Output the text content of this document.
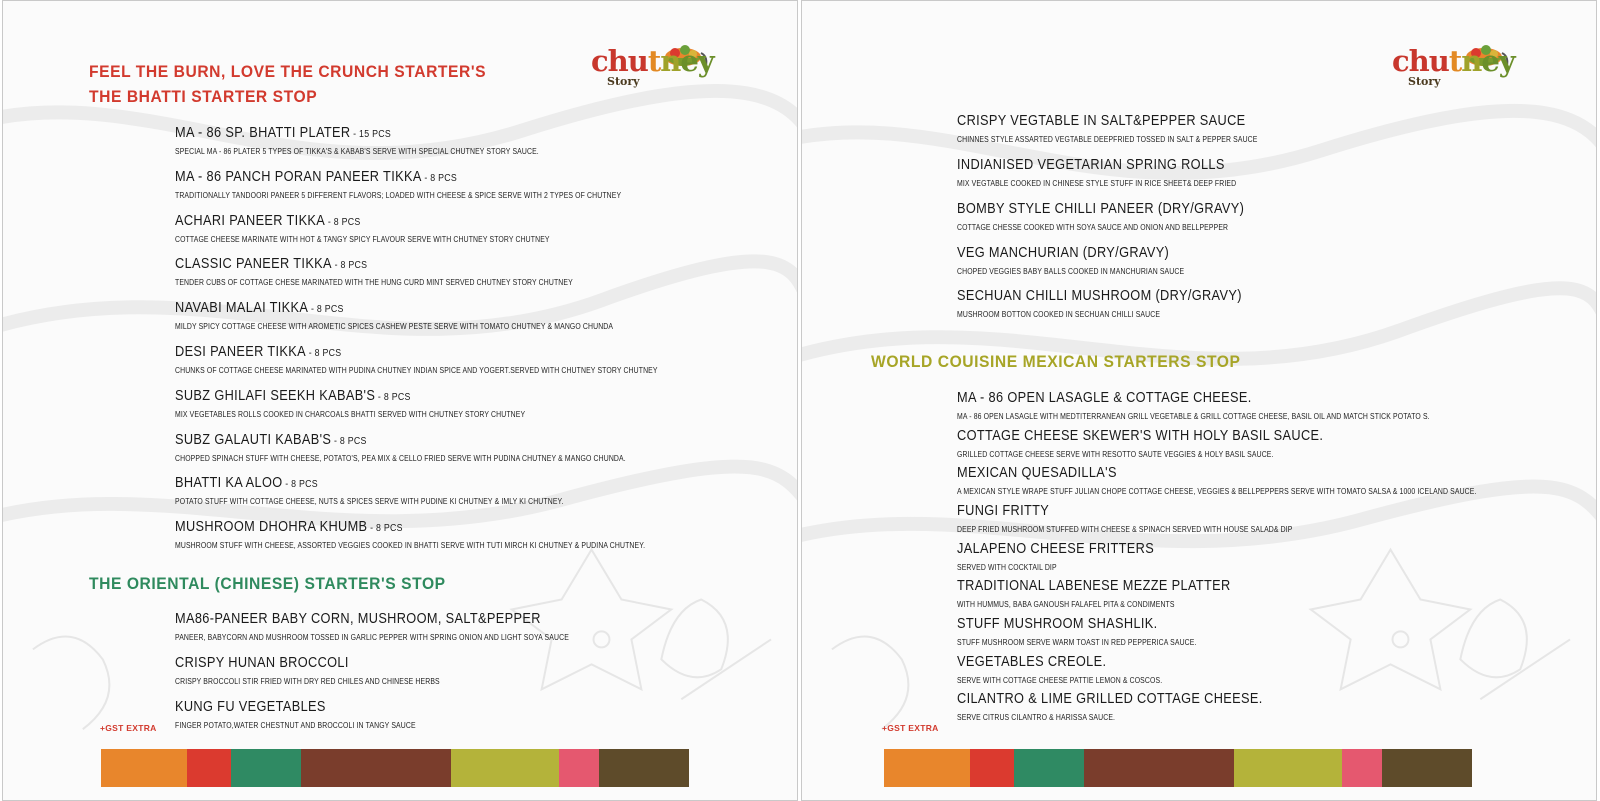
chutney
Story
FEEL THE BURN, LOVE THE CRUNCH STARTER'S
THE BHATTI STARTER STOP
MA - 86 SP. BHATTI PLATER - 15 PCS
SPECIAL MA - 86 PLATER 5 TYPES OF TIKKA'S & KABAB'S SERVE WITH SPECIAL CHUTNEY STORY SAUCE.
MA - 86 PANCH PORAN PANEER TIKKA - 8 PCS
TRADITIONALLY TANDOORI PANEER 5 DIFFERENT FLAVORS; LOADED WITH CHEESE & SPICE SERVE WITH 2 TYPES OF CHUTNEY
ACHARI PANEER TIKKA - 8 PCS
COTTAGE CHEESE MARINATE WITH HOT & TANGY SPICY FLAVOUR SERVE WITH CHUTNEY STORY CHUTNEY
CLASSIC PANEER TIKKA - 8 PCS
TENDER CUBS OF COTTAGE CHESE MARINATED WITH THE HUNG CURD MINT SERVED CHUTNEY STORY CHUTNEY
NAVABI MALAI TIKKA - 8 PCS
MILDY SPICY COTTAGE CHEESE WITH AROMETIC SPICES CASHEW PESTE SERVE WITH TOMATO CHUTNEY & MANGO CHUNDA
DESI PANEER TIKKA - 8 PCS
CHUNKS OF COTTAGE CHEESE MARINATED WITH PUDINA CHUTNEY INDIAN SPICE AND YOGERT.SERVED WITH CHUTNEY STORY CHUTNEY
SUBZ GHILAFI SEEKH KABAB'S - 8 PCS
MIX VEGETABLES ROLLS COOKED IN CHARCOALS BHATTI SERVED WITH CHUTNEY STORY CHUTNEY
SUBZ GALAUTI KABAB'S - 8 PCS
CHOPPED SPINACH STUFF WITH CHEESE, POTATO'S, PEA MIX & CELLO FRIED SERVE WITH PUDINA CHUTNEY & MANGO CHUNDA.
BHATTI KA ALOO - 8 PCS
POTATO STUFF WITH COTTAGE CHEESE, NUTS & SPICES SERVE WITH PUDINE KI CHUTNEY & IMLY KI CHUTNEY.
MUSHROOM DHOHRA KHUMB - 8 PCS
MUSHROOM STUFF WITH CHEESE, ASSORTED VEGGIES COOKED IN BHATTI SERVE WITH TUTI MIRCH KI CHUTNEY & PUDINA CHUTNEY.
THE ORIENTAL (CHINESE) STARTER'S STOP
MA86-PANEER BABY CORN, MUSHROOM, SALT&PEPPER
PANEER, BABYCORN AND MUSHROOM TOSSED IN GARLIC PEPPER WITH SPRING ONION AND LIGHT SOYA SAUCE
CRISPY HUNAN BROCCOLI
CRISPY BROCCOLI STIR FRIED WITH DRY RED CHILES AND CHINESE HERBS
KUNG FU VEGETABLES
FINGER POTATO,WATER CHESTNUT AND BROCCOLI IN TANGY SAUCE
+GST EXTRA
chutney
Story
CRISPY VEGTABLE IN SALT&PEPPER SAUCE
CHINNES STYLE ASSARTED VEGTABLE DEEPFRIED TOSSED IN SALT & PEPPER SAUCE
INDIANISED VEGETARIAN SPRING ROLLS
MIX VEGTABLE COOKED IN CHINESE STYLE STUFF IN RICE SHEET& DEEP FRIED
BOMBY STYLE CHILLI PANEER (DRY/GRAVY)
COTTAGE CHESSE COOKED WITH SOYA SAUCE AND ONION AND BELLPEPPER
VEG MANCHURIAN (DRY/GRAVY)
CHOPED VEGGIES BABY BALLS COOKED IN MANCHURIAN SAUCE
SECHUAN CHILLI MUSHROOM (DRY/GRAVY)
MUSHROOM BOTTON COOKED IN SECHUAN CHILLI SAUCE
WORLD COUISINE MEXICAN STARTERS STOP
MA - 86 OPEN LASAGLE & COTTAGE CHEESE.
MA - 86 OPEN LASAGLE WITH MEDTITERRANEAN GRILL VEGETABLE & GRILL COTTAGE CHEESE, BASIL OIL AND MATCH STICK POTATO S.
COTTAGE CHEESE SKEWER'S WITH HOLY BASIL SAUCE.
GRILLED COTTAGE CHEESE SERVE WITH RESOTTO SAUTE VEGGIES & HOLY BASIL SAUCE.
MEXICAN QUESADILLA'S
A MEXICAN STYLE WRAPE STUFF JULIAN CHOPE COTTAGE CHEESE, VEGGIES & BELLPEPPERS SERVE WITH TOMATO SALSA & 1000 ICELAND SAUCE.
FUNGI FRITTY
DEEP FRIED MUSHROOM STUFFED WITH CHEESE & SPINACH SERVED WITH HOUSE SALAD& DIP
JALAPENO CHEESE FRITTERS
SERVED WITH COCKTAIL DIP
TRADITIONAL LABENESE MEZZE PLATTER
WITH HUMMUS, BABA GANOUSH FALAFEL PITA & CONDIMENTS
STUFF MUSHROOM SHASHLIK.
STUFF MUSHROOM SERVE WARM TOAST IN RED PEPPERICA SAUCE.
VEGETABLES CREOLE.
SERVE WITH COTTAGE CHEESE PATTIE LEMON & COSCOS.
CILANTRO & LIME GRILLED COTTAGE CHEESE.
SERVE CITRUS CILANTRO & HARISSA SAUCE.
+GST EXTRA
